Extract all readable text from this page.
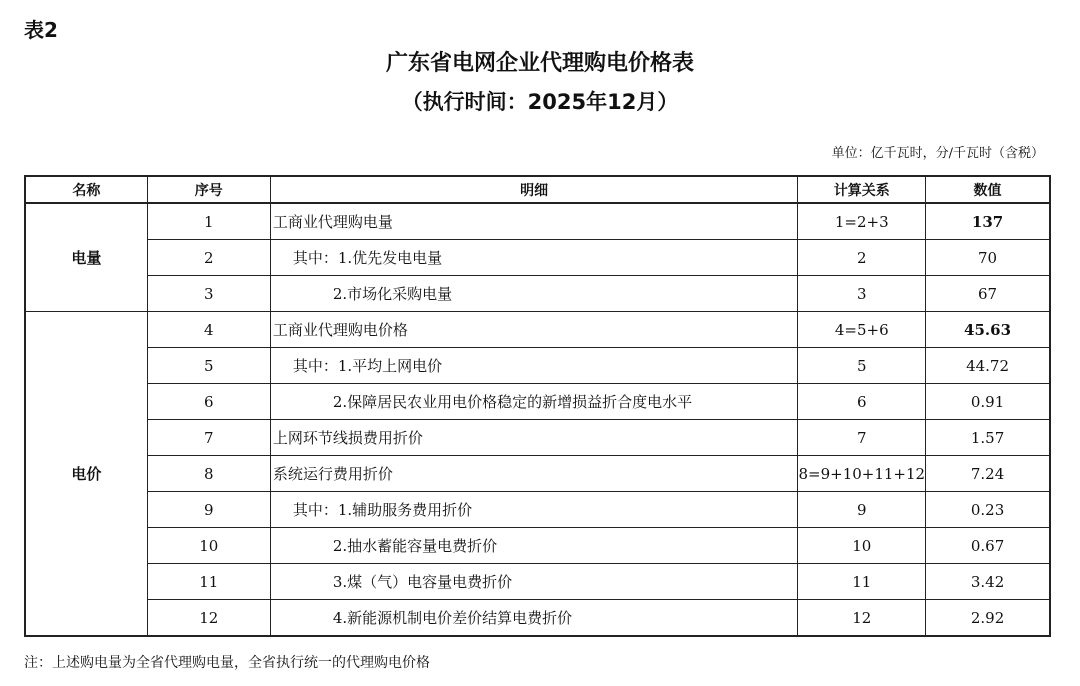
表2
广东省电网企业代理购电价格表
（执行时间：2025年12月）
单位：亿千瓦时，分/千瓦时（含税）
名称	序号	明细	计算关系	数值
电量	1	工商业代理购电量	1=2+3	137
	2	其中：1.优先发电电量	2	70
	3	2.市场化采购电量	3	67
电价	4	工商业代理购电价格	4=5+6	45.63
	5	其中：1.平均上网电价	5	44.72
	6	2.保障居民农业用电价格稳定的新增损益折合度电水平	6	0.91
	7	上网环节线损费用折价	7	1.57
	8	系统运行费用折价	8=9+10+11+12	7.24
	9	其中：1.辅助服务费用折价	9	0.23
	10	2.抽水蓄能容量电费折价	10	0.67
	11	3.煤（气）电容量电费折价	11	3.42
	12	4.新能源机制电价差价结算电费折价	12	2.92
注：上述购电量为全省代理购电量，全省执行统一的代理购电价格
